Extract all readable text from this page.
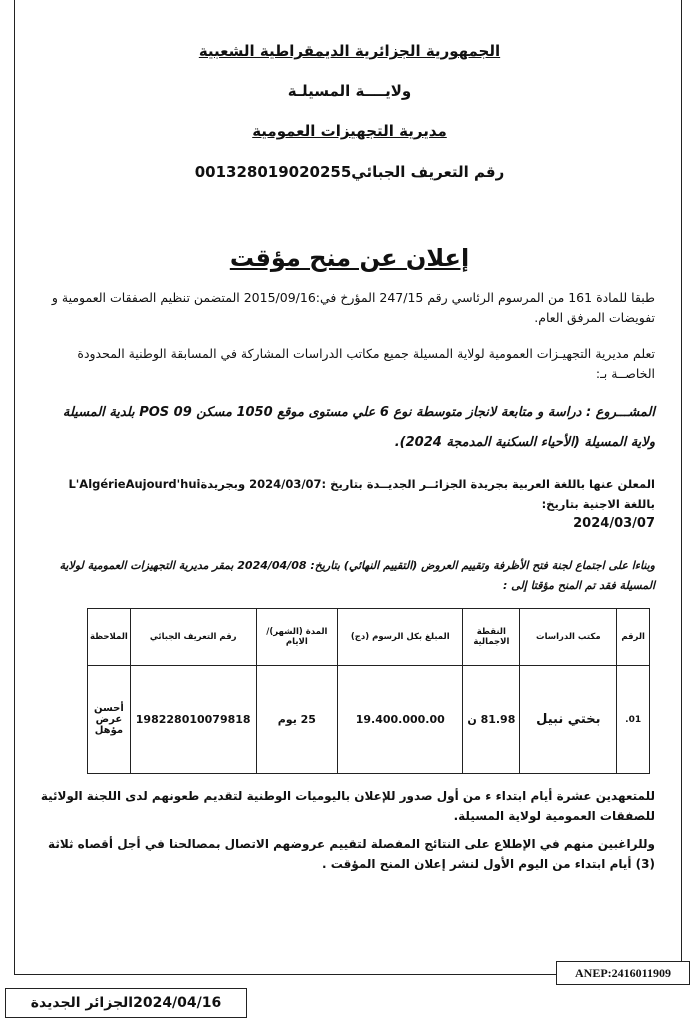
الجمهورية الجزائرية الديمقراطية الشعبية
ولايــــة المسيلـة
مديرية التجهيزات العمومية
رقم التعريف الجبائي001328019020255
إعلان عن منح مؤقت

طبقا للمادة 161 من المرسوم الرئاسي رقم 247/15 المؤرخ في:2015/09/16 المتضمن تنظيم الصفقات العمومية و تفويضات المرفق العام.

تعلم مديرية التجهيـزات العمومية لولاية المسيلة جميع مكاتب الدراسات المشاركة في المسابقة الوطنية المحدودة الخاصــة بـ:

المشـــروع : دراسة و متابعة لانجاز متوسطة نوع 6 علي مستوى موقع 1050 مسكن POS 09 بلدية المسيلة ولاية المسيلة (الأحياء السكنية المدمجة 2024).

المعلن عنها باللغة العربية بجريدة الجزائــر الجديــدة بتاريخ :2024/03/07 وبجريدةL'AlgérieAujourd'hui باللغة الاجنية بتاريخ:

2024/03/07

وبناءا على اجتماع لجنة فتح الأظرفة وتقييم العروض (التقييم النهائي) بتاريخ: 2024/04/08 بمقر مديرية التجهيزات العمومية لولاية المسيلة فقد تم المنح مؤقتا إلى :

الرقم	مكتب الدراسات	النقطة الاجمالية	المبلغ بكل الرسوم (دج)	المدة (الشهر)/ الايام	رقم التعريف الجبائي	الملاحظة
01.	بختي نبيل	81.98 ن	19.400.000.00	25 يوم	198228010079818	أحسن عرض مؤهل

للمتعهدين عشرة أيام ابتداء ء من أول صدور للإعلان باليوميات الوطنية لتقديم طعونهم لدى اللجنة الولائية للصفقات العمومية لولاية المسيلة.

وللراغبين منهم في الإطلاع على النتائج المفصلة لتقييم عروضهم الاتصال بمصالحنا في أجل أقصاه ثلاثة (3) أيام ابتداء من اليوم الأول لنشر إعلان المنح المؤقت .

ANEP:2416011909
2024/04/16الجزائر الجديدة
